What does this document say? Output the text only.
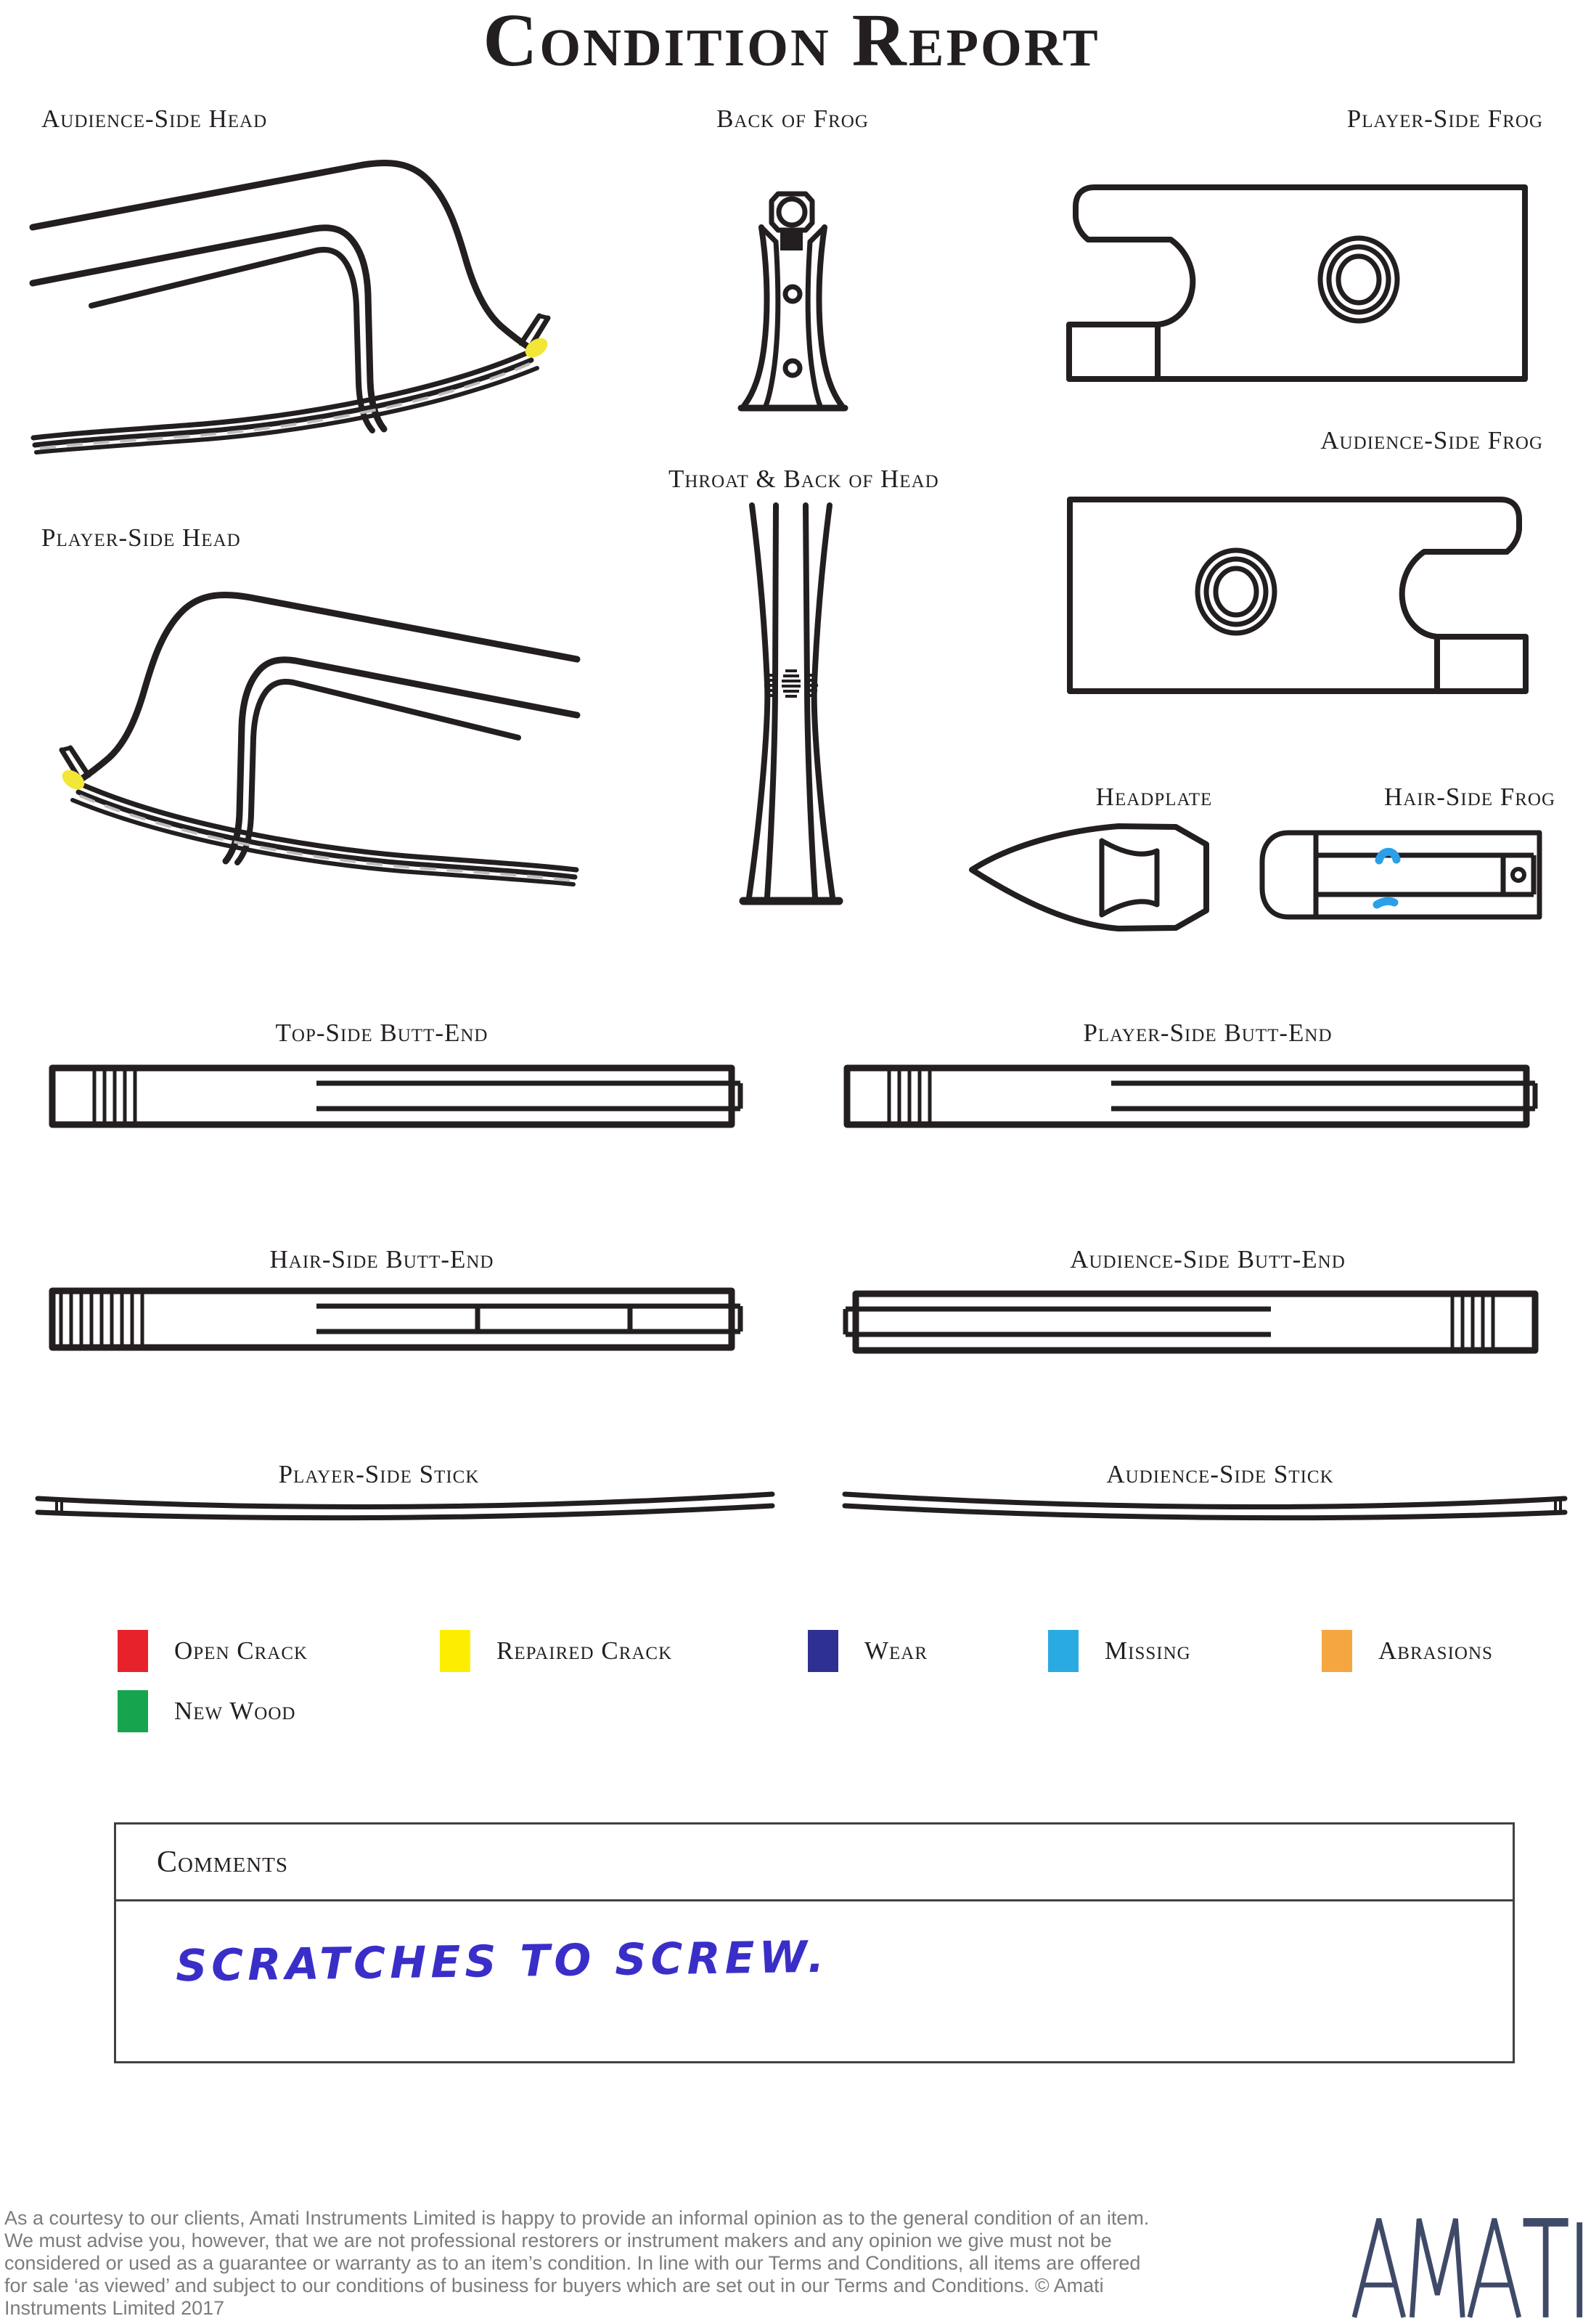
Condition Report
Audience-Side Head	Back of Frog	Player-Side Frog
Audience-Side Frog
Player-Side Head
Throat & Back of Head
Headplate	Hair-Side Frog
Top-Side Butt-End	Player-Side Butt-End
Hair-Side Butt-End	Audience-Side Butt-End
Player-Side Stick	Audience-Side Stick
Open Crack	Repaired Crack	Wear	Missing	Abrasions
New Wood
Comments
SCRATCHES TO SCREW.
As a courtesy to our clients, Amati Instruments Limited is happy to provide an informal opinion as to the general condition of an item. We must advise you, however, that we are not professional restorers or instrument makers and any opinion we give must not be considered or used as a guarantee or warranty as to an item’s condition. In line with our Terms and Conditions, all items are offered for sale ‘as viewed’ and subject to our conditions of business for buyers which are set out in our Terms and Conditions. © Amati Instruments Limited 2017
